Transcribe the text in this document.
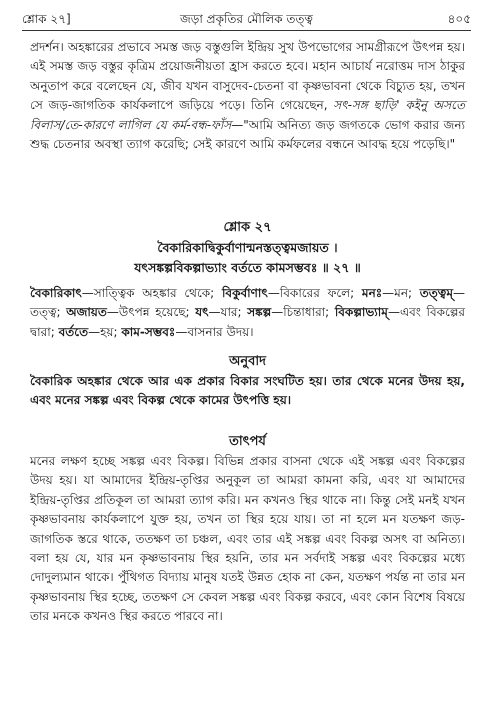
শ্লোক ২৭]	জড়া প্রকৃতির মৌলিক তত্ত্ব	৪০৫

প্রদর্শন। অহঙ্কারের প্রভাবে সমস্ত জড় বস্তুগুলি ইন্দ্রিয় সুখ উপভোগের সামগ্রীরূপে উৎপন্ন হয়। এই সমস্ত জড় বস্তুর কৃত্রিম প্রয়োজনীয়তা হ্রাস করতে হবে। মহান আচার্য নরোত্তম দাস ঠাকুর অনুতাপ করে বলেছেন যে, জীব যখন বাসুদেব-চেতনা বা কৃষ্ণভাবনা থেকে বিচ্যুত হয়, তখন সে জড়-জাগতিক কার্যকলাপে জড়িয়ে পড়ে। তিনি গেয়েছেন, সৎ-সঙ্গ ছাড়ি' কইনু অসতে বিলাস/তে-কারণে লাগিল যে কর্ম-বন্ধ-ফাঁস—"আমি অনিত্য জড় জগতকে ভোগ করার জন্য শুদ্ধ চেতনার অবস্থা ত্যাগ করেছি; সেই কারণে আমি কর্মফলের বন্ধনে আবদ্ধ হয়ে পড়েছি।"

শ্লোক ২৭

বৈকারিকাদ্বিকুর্বাণান্মনস্তত্ত্বমজায়ত ।

যৎসঙ্কল্পবিকল্পাভ্যাং বর্ততে কামসম্ভবঃ ॥ ২৭ ॥

বৈকারিকাৎ—সাত্ত্বিক অহঙ্কার থেকে; বিকুর্বাণাৎ—বিকারের ফলে; মনঃ—মন; তত্ত্বম্—তত্ত্ব; অজায়ত—উৎপন্ন হয়েছে; যৎ—যার; সঙ্কল্প—চিন্তাধারা; বিকল্পাভ্যাম্—এবং বিকল্পের দ্বারা; বর্ততে—হয়; কাম-সম্ভবঃ—বাসনার উদয়।

অনুবাদ

বৈকারিক অহঙ্কার থেকে আর এক প্রকার বিকার সংঘটিত হয়। তার থেকে মনের উদয় হয়, এবং মনের সঙ্কল্প এবং বিকল্প থেকে কামের উৎপত্তি হয়।

তাৎপর্য

মনের লক্ষণ হচ্ছে সঙ্কল্প এবং বিকল্প। বিভিন্ন প্রকার বাসনা থেকে এই সঙ্কল্প এবং বিকল্পের উদয় হয়। যা আমাদের ইন্দ্রিয়-তৃপ্তির অনুকূল তা আমরা কামনা করি, এবং যা আমাদের ইন্দ্রিয়-তৃপ্তির প্রতিকূল তা আমরা ত্যাগ করি। মন কখনও স্থির থাকে না। কিন্তু সেই মনই যখন কৃষ্ণভাবনায় কার্যকলাপে যুক্ত হয়, তখন তা স্থির হয়ে যায়। তা না হলে মন যতক্ষণ জড়-জাগতিক স্তরে থাকে, ততক্ষণ তা চঞ্চল, এবং তার এই সঙ্কল্প এবং বিকল্প অসৎ বা অনিত্য। বলা হয় যে, যার মন কৃষ্ণভাবনায় স্থির হয়নি, তার মন সর্বদাই সঙ্কল্প এবং বিকল্পের মধ্যে দোদুল্যমান থাকে। পুঁথিগত বিদ্যায় মানুষ যতই উন্নত হোক না কেন, যতক্ষণ পর্যন্ত না তার মন কৃষ্ণভাবনায় স্থির হচ্ছে, ততক্ষণ সে কেবল সঙ্কল্প এবং বিকল্প করবে, এবং কোন বিশেষ বিষয়ে তার মনকে কখনও স্থির করতে পারবে না।
